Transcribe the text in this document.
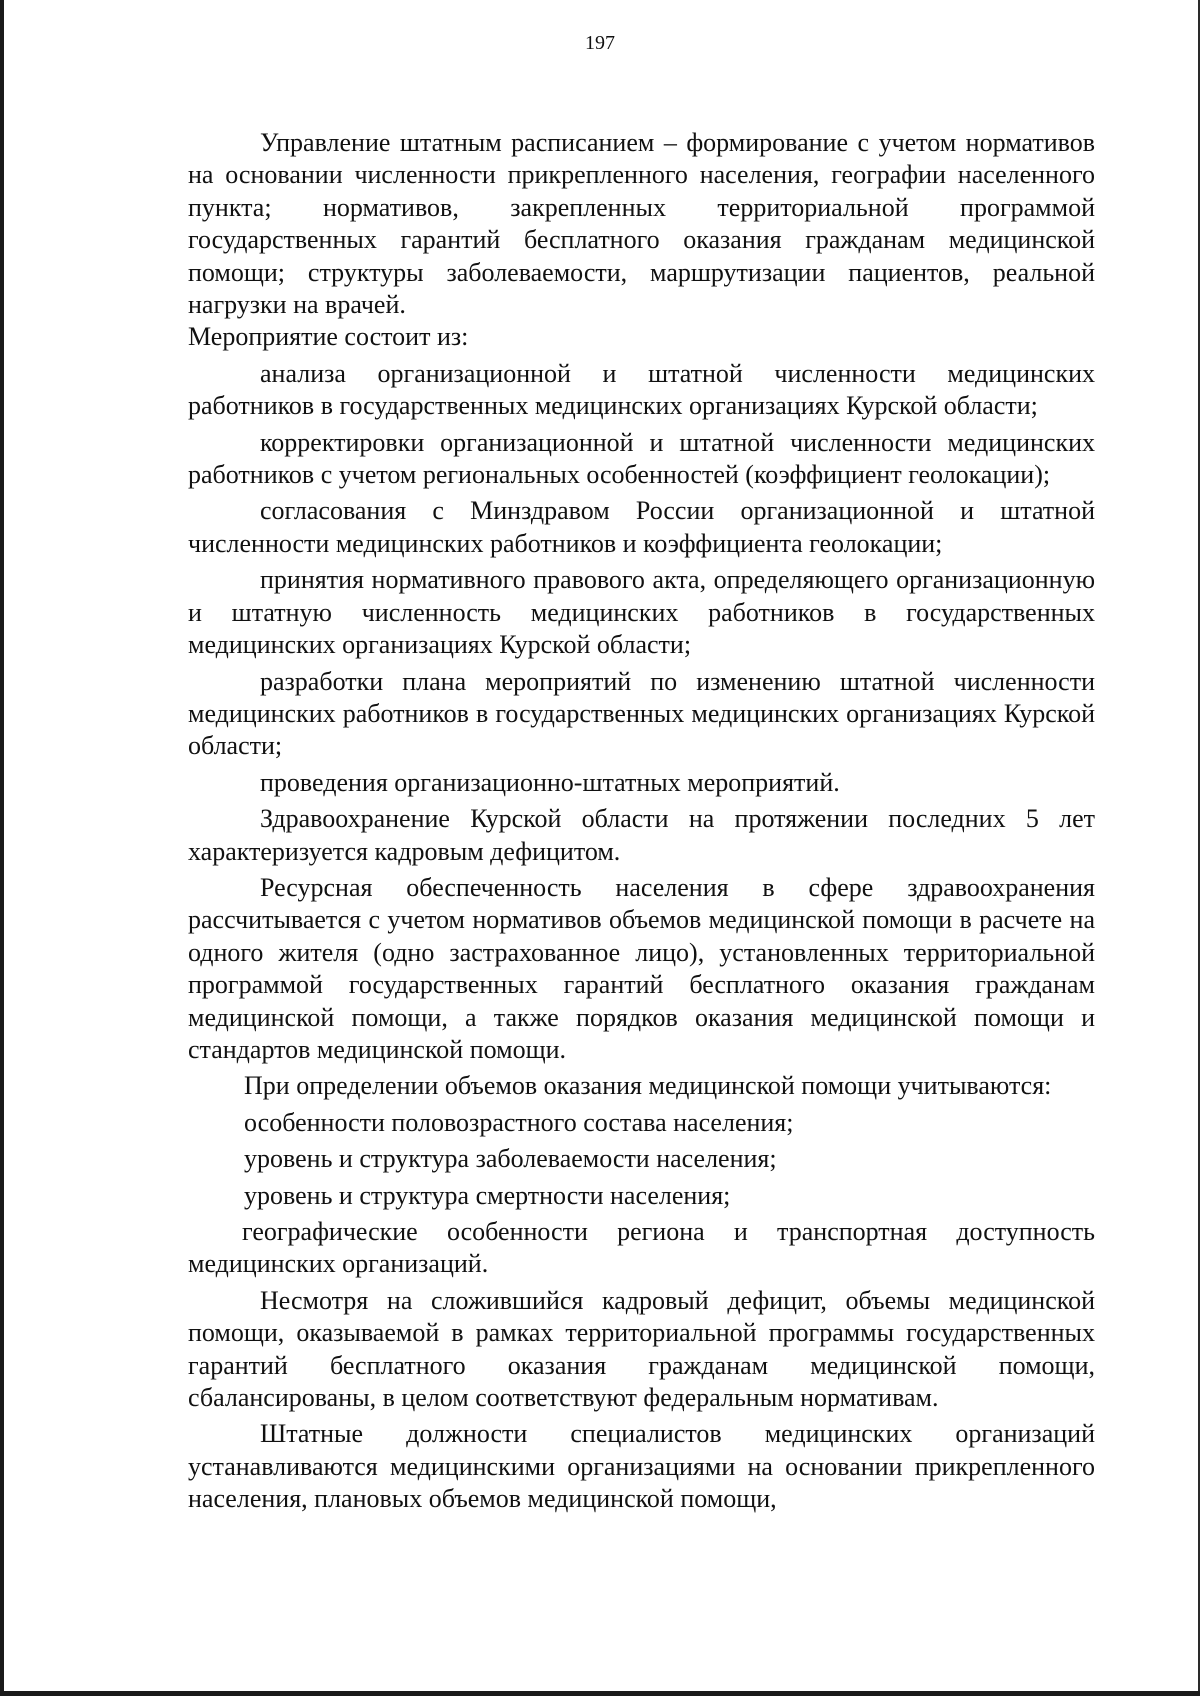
197

Управление штатным расписанием – формирование с учетом нормативов на основании численности прикрепленного населения, географии населенного пункта; нормативов, закрепленных территориальной программой государственных гарантий бесплатного оказания гражданам медицинской помощи; структуры заболеваемости, маршрутизации пациентов, реальной нагрузки на врачей.

Мероприятие состоит из:

анализа организационной и штатной численности медицинских работников в государственных медицинских организациях Курской области;

корректировки организационной и штатной численности медицинских работников с учетом региональных особенностей (коэффициент геолокации);

согласования с Минздравом России организационной и штатной численности медицинских работников и коэффициента геолокации;

принятия нормативного правового акта, определяющего организационную и штатную численность медицинских работников в государственных медицинских организациях Курской области;

разработки плана мероприятий по изменению штатной численности медицинских работников в государственных медицинских организациях Курской области;

проведения организационно-штатных мероприятий.

Здравоохранение Курской области на протяжении последних 5 лет характеризуется кадровым дефицитом.

Ресурсная обеспеченность населения в сфере здравоохранения рассчитывается с учетом нормативов объемов медицинской помощи в расчете на одного жителя (одно застрахованное лицо), установленных территориальной программой государственных гарантий бесплатного оказания гражданам медицинской помощи, а также порядков оказания медицинской помощи и стандартов медицинской помощи.

При определении объемов оказания медицинской помощи учитываются:

особенности половозрастного состава населения;

уровень и структура заболеваемости населения;

уровень и структура смертности населения;

географические особенности региона и транспортная доступность медицинских организаций.

Несмотря на сложившийся кадровый дефицит, объемы медицинской помощи, оказываемой в рамках территориальной программы государственных гарантий бесплатного оказания гражданам медицинской помощи, сбалансированы, в целом соответствуют федеральным нормативам.

Штатные должности специалистов медицинских организаций устанавливаются медицинскими организациями на основании прикрепленного населения, плановых объемов медицинской помощи,
